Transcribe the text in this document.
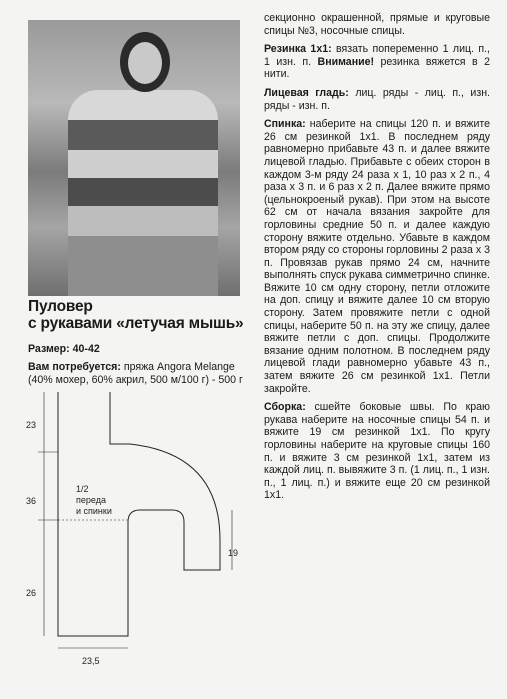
Пуловер
с рукавами «летучая мышь»
Размер: 40-42
Вам потребуется: пряжа Angora Melange (40% мохер, 60% акрил, 500 м/100 г) - 500 г

секционно окрашенной, прямые и круговые спицы №3, носочные спицы.

Резинка 1х1: вязать попеременно 1 лиц. п., 1 изн. п. Внимание! резинка вяжется в 2 нити.

Лицевая гладь: лиц. ряды - лиц. п., изн. ряды - изн. п.

Спинка: наберите на спицы 120 п. и вяжите 26 см резинкой 1х1. В последнем ряду равномерно прибавьте 43 п. и далее вяжите лицевой гладью. Прибавьте с обеих сторон в каждом 3-м ряду 24 раза х 1, 10 раз х 2 п., 4 раза х 3 п. и 6 раз х 2 п. Далее вяжите прямо (цельнокроеный рукав). При этом на высоте 62 см от начала вязания закройте для горловины средние 50 п. и далее каждую сторону вяжите отдельно. Убавьте в каждом втором ряду со стороны горловины 2 раза х 3 п. Провязав рукав прямо 24 см, начните выполнять спуск рукава симметрично спинке. Вяжите 10 см одну сторону, петли отложите на доп. спицу и вяжите далее 10 см вторую сторону. Затем провяжите петли с одной спицы, наберите 50 п. на эту же спицу, далее вяжите петли с доп. спицы. Продолжите вязание одним полотном. В последнем ряду лицевой глади равномерно убавьте 43 п., затем вяжите 26 см резинкой 1х1. Петли закройте.

Сборка: сшейте боковые швы. По краю рукава наберите на носочные спицы 54 п. и вяжите 19 см резинкой 1х1. По кругу горловины наберите на круговые спицы 160 п. и вяжите 3 см резинкой 1х1, затем из каждой лиц. п. вывяжите 3 п. (1 лиц. п., 1 изн. п., 1 лиц. п.) и вяжите еще 20 см резинкой 1х1.

23
36
26
19
23,5
1/2
переда
и спинки
